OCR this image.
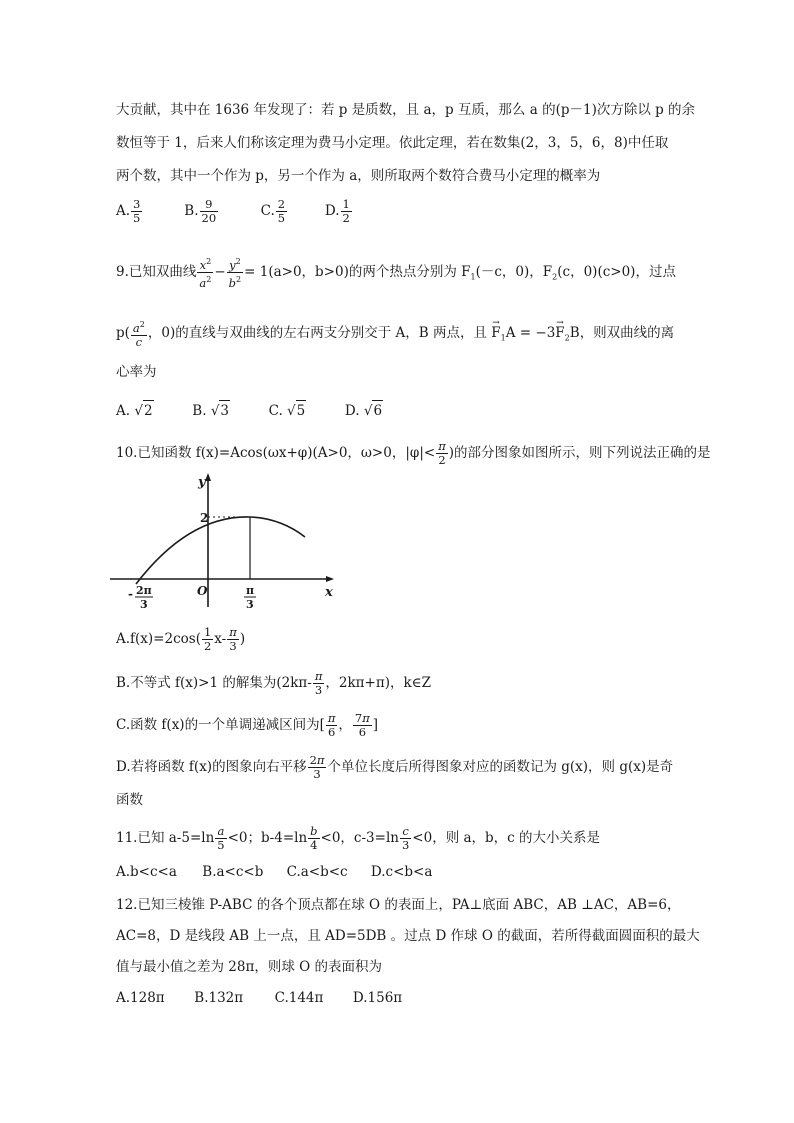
大贡献，其中在 1636 年发现了：若 p 是质数，且 a，p 互质，那么 a 的(p－1)次方除以 p 的余
数恒等于 1，后来人们称该定理为费马小定理。依此定理，若在数集(2，3，5，6，8)中任取
两个数，其中一个作为 p，另一个作为 a，则所取两个数符合费马小定理的概率为
A. $\frac{3}{5}$	B. $\frac{9}{20}$	C. $\frac{2}{5}$	D. $\frac{1}{2}$
9.已知双曲线 $\frac{x^2}{a^2} - \frac{y^2}{b^2} = 1(a>0$，b>0)的两个热点分别为 $F_1(-c$，0)，$F_2(c$，0)(c>0)，过点
$p( \frac{a^2}{c}$ ，0)的直线与双曲线的左右两支分别交于 A，B 两点，且 → $F_1A = -3\to F_2B$，则双曲线的离
心率为
A. √2	B. √3	C. √5	D. √6
10.已知函数 f(x)=Acos(ωx+φ)(A>0，ω>0，$|\varphi|< \frac{\pi}{2}$ )的部分图象如图所示，则下列说法正确的是
y
x
O
2
- 2π
3
π
3
$A.f(x)=2\cos( \frac{1}{2} x- \frac{\pi}{3}$ )
B.不等式 f(x)>1 的解集为($2k\pi- \frac{\pi}{3}$ ，2kπ+π)，k∈Z
C.函数 f(x)的一个单调递减区间为[ $\frac{\pi}{6}$ ， $\frac{7\pi}{6}$ ]
D.若将函数 f(x)的图象向右平移 $\frac{2\pi}{3}$ 个单位长度后所得图象对应的函数记为 g(x)，则 g(x)是奇
函数
11.已知 $a-5=\ln \frac{a}{5} <0$；$b-4=\ln \frac{b}{4} <0$，$c-3=\ln \frac{c}{3} <0$，则 a，b，c 的大小关系是
A.b<c<a B.a<c<b C.a<b<c D.c<b<a
12.已知三棱锥 P-ABC 的各个顶点都在球 O 的表面上，PA⊥底面 ABC，AB ⊥AC，AB=6，
AC=8，D 是线段 AB 上一点，且 AD=5DB 。过点 D 作球 O 的截面，若所得截面圆面积的最大
值与最小值之差为 28π，则球 O 的表面积为
A.128π B.132π C.144π D.156π
